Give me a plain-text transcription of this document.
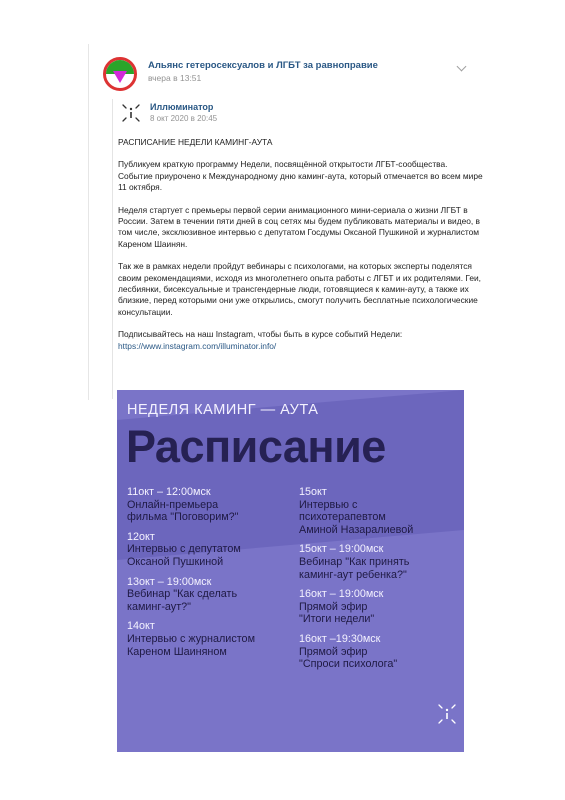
Альянс гетеросексуалов и ЛГБТ за равноправие
вчера в 13:51
Иллюминатор
8 окт 2020 в 20:45

РАСПИСАНИЕ НЕДЕЛИ КАМИНГ-АУТА

Публикуем краткую программу Недели, посвящённой открытости ЛГБТ-сообщества. Событие приурочено к Международному дню каминг-аута, который отмечается во всем мире 11 октября.

Неделя стартует с премьеры первой серии анимационного мини-сериала о жизни ЛГБТ в России. Затем в течении пяти дней в соц сетях мы будем публиковать материалы и видео, в том числе, эксклюзивное интервью с депутатом Госдумы Оксаной Пушкиной и журналистом Кареном Шаинян.

Так же в рамках недели пройдут вебинары с психологами, на которых эксперты поделятся своим рекомендациями, исходя из многолетнего опыта работы с ЛГБТ и их родителями. Геи, лесбиянки, бисексуальные и трансгендерные люди, готовящиеся к камин-ауту, а также их близкие, перед которыми они уже открылись, смогут получить бесплатные психологические консультации.

Подписывайтесь на наш Instagram, чтобы быть в курсе событий Недели:
https://www.instagram.com/illuminator.info/

НЕДЕЛЯ КАМИНГ — АУТА
Расписание
11окт – 12:00мск
Онлайн-премьера
фильма "Поговорим?"
12окт
Интервью с депутатом
Оксаной Пушкиной
13окт – 19:00мск
Вебинар "Как сделать
каминг-аут?"
14окт
Интервью с журналистом
Кареном Шаиняном
15окт
Интервью с
психотерапевтом
Аминой Назаралиевой
15окт – 19:00мск
Вебинар "Как принять
каминг-аут ребенка?"
16окт – 19:00мск
Прямой эфир
"Итоги недели"
16окт –19:30мск
Прямой эфир
"Спроси психолога"
